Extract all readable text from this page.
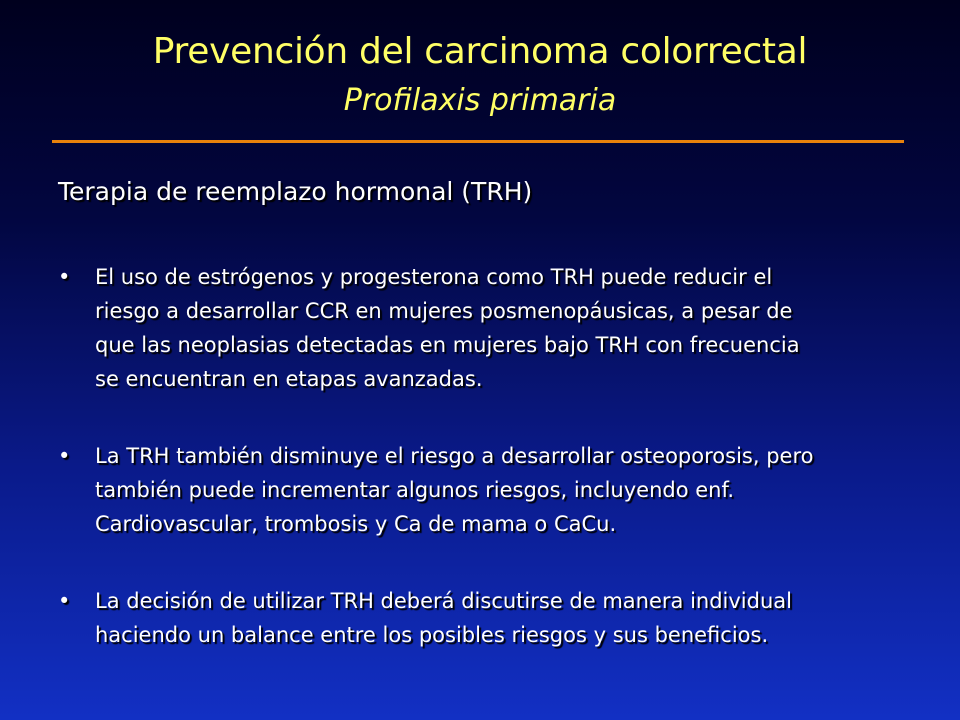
Prevención del carcinoma colorrectal
Profilaxis primaria
Terapia de reemplazo hormonal (TRH)
•	El uso de estrógenos y progesterona como TRH puede reducir el
riesgo a desarrollar CCR en mujeres posmenopáusicas, a pesar de
que las neoplasias detectadas en mujeres bajo TRH con frecuencia
se encuentran en etapas avanzadas.
•	La TRH también disminuye el riesgo a desarrollar osteoporosis, pero
también puede incrementar algunos riesgos, incluyendo enf.
Cardiovascular, trombosis y Ca de mama o CaCu.
•	La decisión de utilizar TRH deberá discutirse de manera individual
haciendo un balance entre los posibles riesgos y sus beneficios.
